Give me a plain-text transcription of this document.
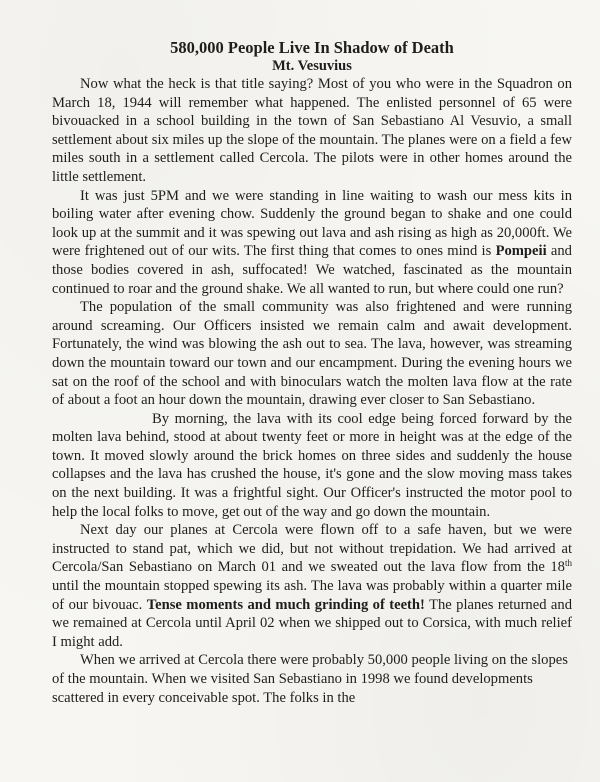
580,000 People Live In Shadow of Death
Mt. Vesuvius

Now what the heck is that title saying? Most of you who were in the Squadron on March 18, 1944 will remember what happened. The enlisted personnel of 65 were bivouacked in a school building in the town of San Sebastiano Al Vesuvio, a small settlement about six miles up the slope of the mountain. The planes were on a field a few miles south in a settlement called Cercola. The pilots were in other homes around the little settlement.

It was just 5PM and we were standing in line waiting to wash our mess kits in boiling water after evening chow. Suddenly the ground began to shake and one could look up at the summit and it was spewing out lava and ash rising as high as 20,000ft. We were frightened out of our wits. The first thing that comes to ones mind is Pompeii and those bodies covered in ash, suffocated! We watched, fascinated as the mountain continued to roar and the ground shake. We all wanted to run, but where could one run?

The population of the small community was also frightened and were running around screaming. Our Officers insisted we remain calm and await development. Fortunately, the wind was blowing the ash out to sea. The lava, however, was streaming down the mountain toward our town and our encampment. During the evening hours we sat on the roof of the school and with binoculars watch the molten lava flow at the rate of about a foot an hour down the mountain, drawing ever closer to San Sebastiano.

By morning, the lava with its cool edge being forced forward by the molten lava behind, stood at about twenty feet or more in height was at the edge of the town. It moved slowly around the brick homes on three sides and suddenly the house collapses and the lava has crushed the house, it's gone and the slow moving mass takes on the next building. It was a frightful sight. Our Officer's instructed the motor pool to help the local folks to move, get out of the way and go down the mountain.

Next day our planes at Cercola were flown off to a safe haven, but we were instructed to stand pat, which we did, but not without trepidation. We had arrived at Cercola/San Sebastiano on March 01 and we sweated out the lava flow from the 18th until the mountain stopped spewing its ash. The lava was probably within a quarter mile of our bivouac. Tense moments and much grinding of teeth! The planes returned and we remained at Cercola until April 02 when we shipped out to Corsica, with much relief I might add.

When we arrived at Cercola there were probably 50,000 people living on the slopes of the mountain. When we visited San Sebastiano in 1998 we found developments scattered in every conceivable spot. The folks in the
